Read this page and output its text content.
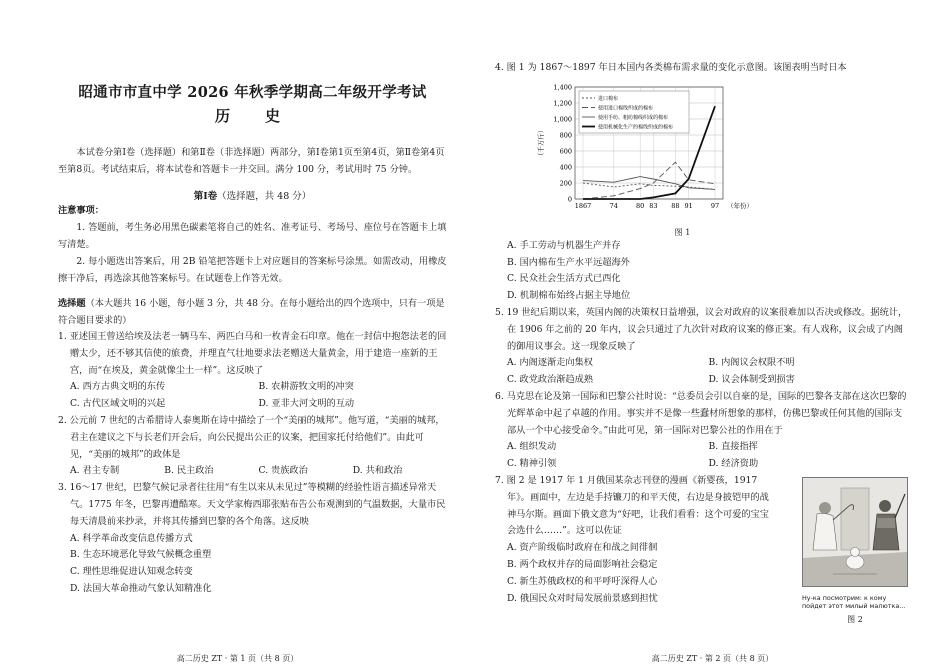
昭通市市直中学 2026 年秋季学期高二年级开学考试
历　史
本试卷分第Ⅰ卷（选择题）和第Ⅱ卷（非选择题）两部分，第Ⅰ卷第1页至第4页，第Ⅱ卷第4页至第8页。考试结束后，将本试卷和答题卡一并交回。满分 100 分，考试用时 75 分钟。
第Ⅰ卷（选择题，共 48 分）
注意事项：
1. 答题前，考生务必用黑色碳素笔将自己的姓名、准考证号、考场号、座位号在答题卡上填写清楚。
2. 每小题选出答案后，用 2B 铅笔把答题卡上对应题目的答案标号涂黑。如需改动，用橡皮擦干净后，再选涂其他答案标号。在试题卷上作答无效。
选择题（本大题共 16 小题，每小题 3 分，共 48 分。在每小题给出的四个选项中，只有一项是符合题目要求的）
1. 亚述国王曾送给埃及法老一辆马车、两匹白马和一枚青金石印章。他在一封信中抱怨法老的回赠太少，还不够其信使的旅费，并理直气壮地要求法老赠送大量黄金，用于建造一座新的王宫，而“在埃及，黄金就像尘土一样”。这反映了
A. 西方古典文明的东传	B. 农耕游牧文明的冲突
C. 古代区域文明的兴起	D. 亚非大河文明的互动
2. 公元前 7 世纪的古希腊诗人泰奥斯在诗中描绘了一个“美丽的城邦”。他写道，“美丽的城邦，君主在建议之下与长老们开会后，向公民提出公正的议案，把国家托付给他们”。由此可见，“美丽的城邦”的政体是
A. 君主专制	B. 民主政治	C. 贵族政治	D. 共和政治
3. 16～17 世纪，巴黎气候记录者往往用“有生以来从未见过”等模糊的经验性语言描述异常天气。1775 年冬，巴黎再遭酷寒。天文学家梅西耶张贴布告公布观测到的气温数据，大量市民每天清晨前来抄录，并将其传播到巴黎的各个角落。这反映
A. 科学革命改变信息传播方式
B. 生态环境恶化导致气候概念重塑
C. 理性思维促进认知观念转变
D. 法国大革命推动气象认知精准化
高二历史 ZT · 第 1 页（共 8 页）
4. 图 1 为 1867～1897 年日本国内各类棉布需求量的变化示意图。该图表明当时日本
1,400
1,200
1,000
800
600
400
200
0
1867	74	80 83 88 91	97 （年份）
（千万斤）
进口棉布
使用进口棉线织成的棉布
使用手纺、粗纺棉线织成的棉布
使用机械化生产的棉线织成的棉布
图 1
A. 手工劳动与机器生产并存
B. 国内棉布生产水平远超海外
C. 民众社会生活方式已西化
D. 机制棉布始终占据主导地位
5. 19 世纪后期以来，英国内阁的决策权日益增强，议会对政府的议案很难加以否决或修改。据统计，在 1906 年之前的 20 年内，议会只通过了九次针对政府议案的修正案。有人戏称，议会成了内阁的御用议事会。这一现象反映了
A. 内阁逐渐走向集权	B. 内阁议会权限不明
C. 政党政治渐趋成熟	D. 议会体制受到损害
6. 马克思在论及第一国际和巴黎公社时说：“总委员会引以自豪的是，国际的巴黎各支部在这次巴黎的光辉革命中起了卓越的作用。事实并不是像一些蠢材所想象的那样，仿佛巴黎或任何其他的国际支部从一个中心接受命令。”由此可见，第一国际对巴黎公社的作用在于
A. 组织发动	B. 直接指挥
C. 精神引领	D. 经济资助
7. 图 2 是 1917 年 1 月俄国某杂志刊登的漫画《新婴孩，1917 年》。画面中，左边是手持镰刀的和平天使，右边是身披铠甲的战神马尔斯。画面下俄文意为“好吧，让我们看看：这个可爱的宝宝会选什么……”。这可以佐证
A. 资产阶级临时政府在和战之间徘徊
B. 两个政权并存的局面影响社会稳定
C. 新生苏俄政权的和平呼吁深得人心
D. 俄国民众对时局发展前景感到担忧	Ну-ка посмотрим: к кому пойдет этот милый малютка...
图 2
高二历史 ZT · 第 2 页（共 8 页）
